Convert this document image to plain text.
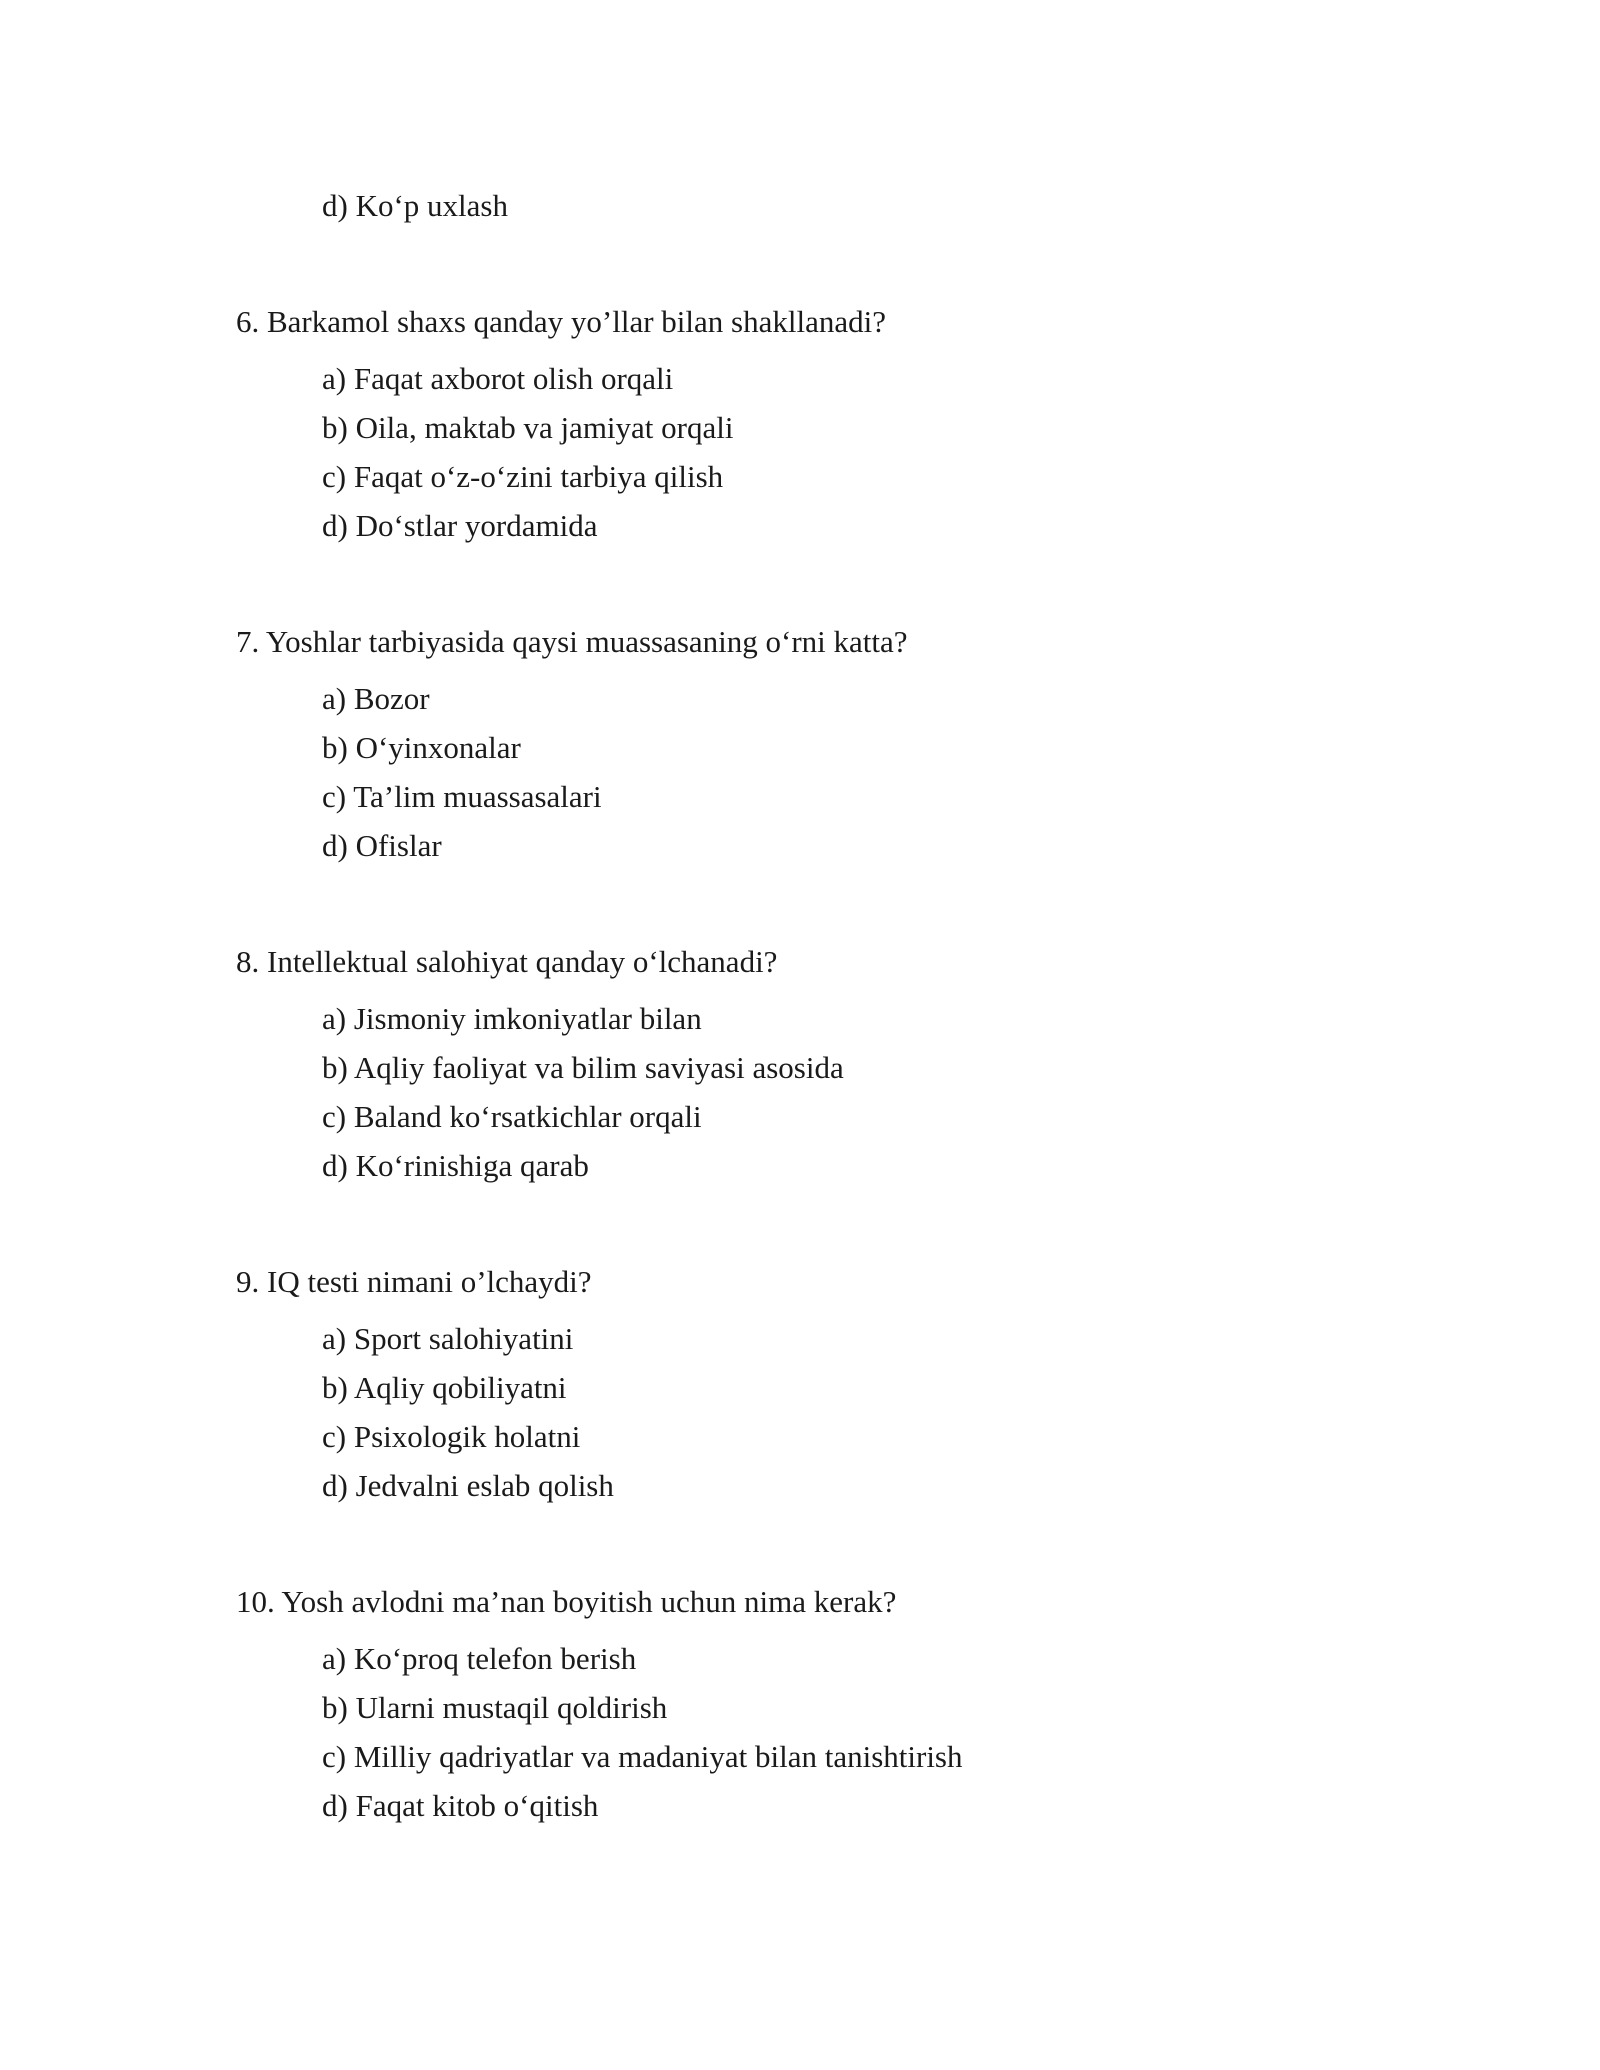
d) Ko‘p uxlash
6. Barkamol shaxs qanday yo’llar bilan shakllanadi?
a) Faqat axborot olish orqali
b) Oila, maktab va jamiyat orqali
c) Faqat o‘z-o‘zini tarbiya qilish
d) Do‘stlar yordamida
7. Yoshlar tarbiyasida qaysi muassasaning o‘rni katta?
a) Bozor
b) O‘yinxonalar
c) Ta’lim muassasalari
d) Ofislar
8. Intellektual salohiyat qanday o‘lchanadi?
a) Jismoniy imkoniyatlar bilan
b) Aqliy faoliyat va bilim saviyasi asosida
c) Baland ko‘rsatkichlar orqali
d) Ko‘rinishiga qarab
9. IQ testi nimani o’lchaydi?
a) Sport salohiyatini
b) Aqliy qobiliyatni
c) Psixologik holatni
d) Jedvalni eslab qolish
10. Yosh avlodni ma’nan boyitish uchun nima kerak?
a) Ko‘proq telefon berish
b) Ularni mustaqil qoldirish
c) Milliy qadriyatlar va madaniyat bilan tanishtirish
d) Faqat kitob o‘qitish
